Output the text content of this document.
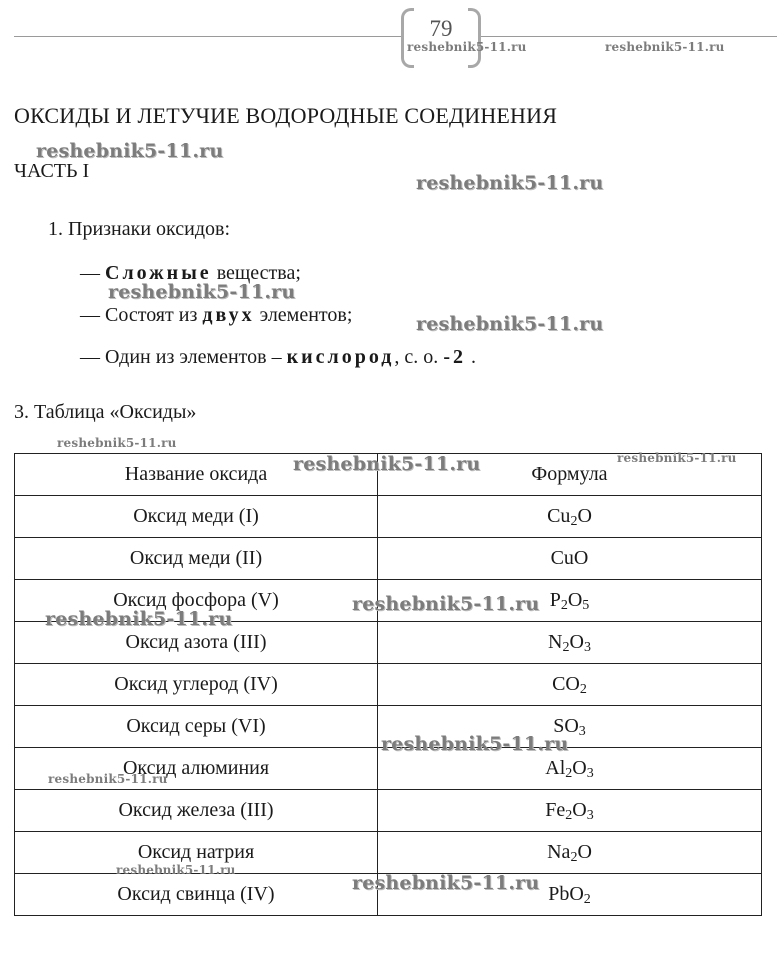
79
ОКСИДЫ И ЛЕТУЧИЕ ВОДОРОДНЫЕ СОЕДИНЕНИЯ
ЧАСТЬ I
1. Признаки оксидов:
— Сложные вещества;
— Состоят из двух элементов;
— Один из элементов – кислород, с. о. -2 .
3. Таблица «Оксиды»
Название оксида	Формула
Оксид меди (I)	$Cu_2O$
Оксид меди (II)	CuO
Оксид фосфора (V)	$P_2O_5$
Оксид азота (III)	$N_2O_3$
Оксид углерод (IV)	$CO_2$
Оксид серы (VI)	$SO_3$
Оксид алюминия	$Al_2O_3$
Оксид железа (III)	$Fe_2O_3$
Оксид натрия	$Na_2O$
Оксид свинца (IV)	PbO$_2$
reshebnik5-11.ru	reshebnik5-11.ru
reshebnik5-11.ru
reshebnik5-11.ru
reshebnik5-11.ru
reshebnik5-11.ru
reshebnik5-11.ru
reshebnik5-11.ru	reshebnik5-11.ru
reshebnik5-11.ru
reshebnik5-11.ru
reshebnik5-11.ru
reshebnik5-11.ru
reshebnik5-11.ru
reshebnik5-11.ru
